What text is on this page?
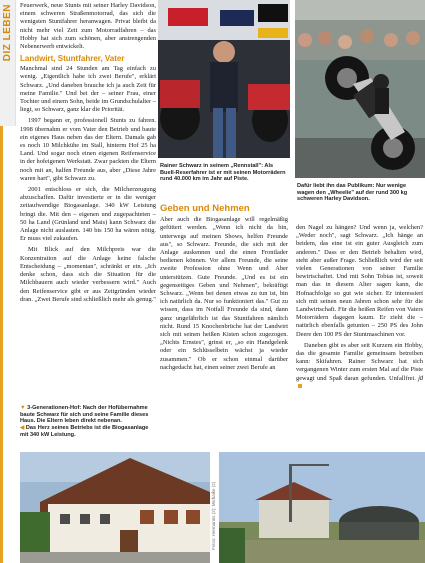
DIZ LEBEN Feuerwerk, neue Stunts mit seiner Harley Davidson, einem schweren Straßenmotorrad, das sich die wenigsten Stuntfahrer heranwagen. Privat bleibt da nicht mehr viel Zeit zum Motorradfahren – das Hobby hat sich zum schönen, aber anstrengenden Nebenerwerb entwickelt.

Landwirt, Stuntfahrer, Vater

Manchmal sind 24 Stunden am Tag einfach zu wenig. „Eigentlich habe ich zwei Berufe", erklärt Schwarz. „Und daneben brauche ich ja auch Zeit für meine Familie." Und bei der – seiner Frau, einer Tochter und einem Sohn, beide im Grundschulalter – liegt, so Schwarz, ganz klar die Priorität.

1997 begann er, professionell Stunts zu fahren. 1998 übernahm er vom Vater den Betrieb und baute ein eigenes Haus neben das der Eltern. Damals gab es noch 10 Milchkühe im Stall, hinterm Hof 25 ha Land. Und sogar noch einen eigenen Reifenservice in der hofeigenen Werkstatt. Zwar packten die Eltern noch mit an, halfen Freunde aus, aber „Diese Jahre waren hart", gibt Schwarz zu.

2001 entschloss er sich, die Milcherzeugung abzuschaffen. Dafür investierte er in die weniger zeitaufwendige Biogasanlage. 340 kW Leistung bringt die. Mit den – eigenen und zugepachteten – 50 ha Land (Grünland und Mais) kann Schwarz die Anlage nicht auslasten. 140 bis 150 ha wären nötig. Er muss viel zukaufen.

Mit Blick auf den Milchpreis war die Konzentration auf die Anlage keine falsche Entscheidung – „momentan", schränkt er ein. „Ich denke schon, dass sich die Situation für die Milchbauern auch wieder verbessern wird." Auch den Reifenservice gibt er aus Zeitgründen wieder dran. „Zwei Berufe sind schließlich mehr als genug."

▼ 3-Generationen-Hof: Nach der Hofübernahme baute Schwarz für sich und seine Familie dieses Haus. Die Eltern leben direkt nebenan.
◀ Das Herz seines Betriebs ist die Biogasanlage mit 340 kW Leistung.
Rainer Schwarz in seinem „Rennstall": Als Buell-Reserfahrer ist er mit seinen Motorrädern rund 40.000 km im Jahr auf Piste.
Dafür liebt ihn das Publikum: Nur wenige wagen den „Wheelie" auf der rund 300 kg schweren Harley Davidson.
Geben und Nehmen

Aber auch die Biogasanlage will regelmäßig gefüttert werden. „Wenn ich nicht da bin, unterwegs auf meinen Shows, helfen Freunde aus", so Schwarz. Freunde, die sich mit der Anlage auskennen und die einen Frontlader bedienen können. Vor allem Freunde, die seine zweite Profession ohne Wenn und Aber unterstützen. Gute Freunde. „Und es ist ein gegenseitiges Geben und Nehmen", bekräftigt Schwarz. „Wenn bei denen etwas zu tun ist, bin ich natürlich da. Nur so funktioniert das." Gut zu wissen, dass im Notfall Freunde da sind, dann ganz ungefährlich ist das Stuntfahren nämlich nicht. Rund 15 Knochenbrüche hat der Landwirt sich mit seinen heißen Kisten schon zugezogen. „Nichts Ernstes", grinst er, „so ein Handgelenk oder ein Schlüsselbein wächst ja wieder zusammen." Ob er schon einmal darüber nachgedacht hat, einen seiner zwei Berufe an

den Nagel zu hängen? Und wenn ja, welchen? „Weder noch", sagt Schwarz. „Ich hänge an beidem, das eine ist ein guter Ausgleich zum anderen." Dass er den Betrieb behalten wird, steht aber außer Frage. Schließlich wird der seit vielen Generationen von seiner Familie bewirtschaftet. Und mit Sohn Tobias ist, soweit man das in diesem Alter sagen kann, die Hofnachfolge so gut wie sicher. Er interessiert sich mit seinen neun Jahren schon sehr für die Landwirtschaft. Für die heißen Reifen von Vaters Motorrädern dagegen kaum. Er zieht die – natürlich ebenfalls getunten – 250 PS des John Deere den 100 PS der Stuntmaschinen vor.

Daneben gibt es aber seit Kurzem ein Hobby, das die gesamte Familie gemeinsam betreiben kann: Skifahren. Rainer Schwarz hat sich vergangenen Winter zum ersten Mal auf die Piste gewagt und Spaß daran gefunden. Unfallfrei. jd

Fotos: Hermanns (2); Michalke (2)
